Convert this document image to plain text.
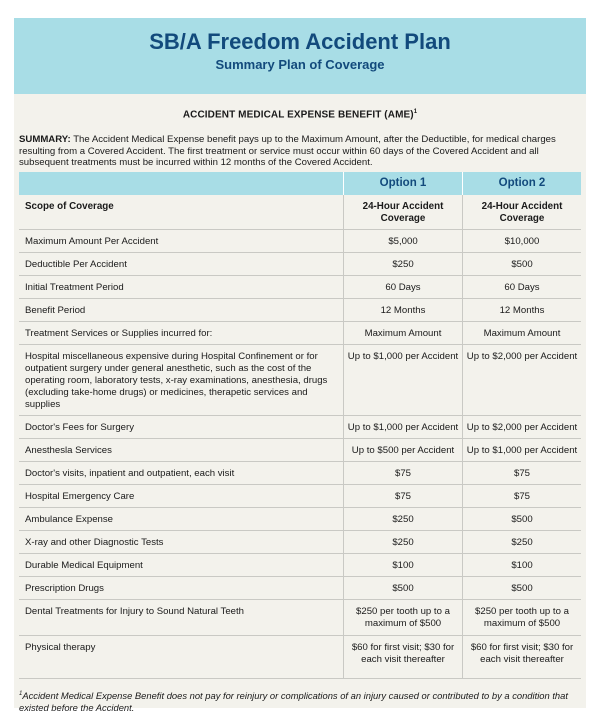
SB/A Freedom Accident Plan
Summary Plan of Coverage
ACCIDENT MEDICAL EXPENSE BENEFIT (AME)$^1$
SUMMARY: The Accident Medical Expense benefit pays up to the Maximum Amount, after the Deductible, for medical charges resulting from a Covered Accident. The first treatment or service must occur within 60 days of the Covered Accident and all subsequent treatments must be incurred within 12 months of the Covered Accident.
	Option 1	Option 2
Scope of Coverage	24-Hour Accident Coverage	24-Hour Accident Coverage
Maximum Amount Per Accident	$5,000	$10,000
Deductible Per Accident	$250	$500
Initial Treatment Period	60 Days	60 Days
Benefit Period	12 Months	12 Months
Treatment Services or Supplies incurred for:	Maximum Amount	Maximum Amount
Hospital miscellaneous expensive during Hospital Confinement or for outpatient surgery under general anesthetic, such as the cost of the operating room, laboratory tests, x-ray examinations, anesthesia, drugs (excluding take-home drugs) or medicines, therapetic services and supplies	Up to $1,000 per Accident	Up to $2,000 per Accident
Doctor's Fees for Surgery	Up to $1,000 per Accident	Up to $2,000 per Accident
Anesthesla Services	Up to $500 per Accident	Up to $1,000 per Accident
Doctor's visits, inpatient and outpatient, each visit	$75	$75
Hospital Emergency Care	$75	$75
Ambulance Expense	$250	$500
X-ray and other Diagnostic Tests	$250	$250
Durable Medical Equipment	$100	$100
Prescription Drugs	$500	$500
Dental Treatments for Injury to Sound Natural Teeth	$250 per tooth up to a maximum of $500	$250 per tooth up to a maximum of $500
Physical therapy	$60 for first visit; $30 for each visit thereafter	$60 for first visit; $30 for each visit thereafter
$^1$Accident Medical Expense Benefit does not pay for reinjury or complications of an injury caused or contributed to by a condition that existed before the Accident.
